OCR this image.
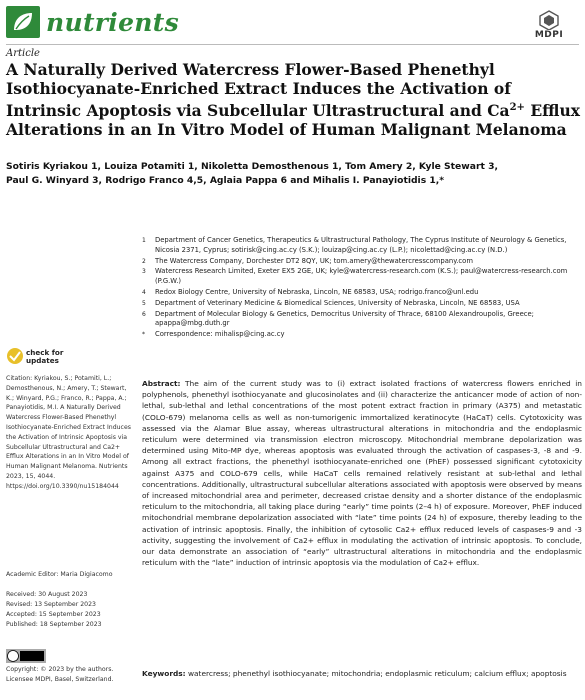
nutrients	MDPI
Article
A Naturally Derived Watercress Flower-Based Phenethyl Isothiocyanate-Enriched Extract Induces the Activation of Intrinsic Apoptosis via Subcellular Ultrastructural and $Ca^{2+}$ Efflux Alterations in an In Vitro Model of Human Malignant Melanoma
Sotiris Kyriakou 1, Louiza Potamiti 1, Nikoletta Demosthenous 1, Tom Amery 2, Kyle Stewart 3,
Paul G. Winyard 3, Rodrigo Franco 4,5, Aglaia Pappa 6 and Mihalis I. Panayiotidis 1,*
1 Department of Cancer Genetics, Therapeutics & Ultrastructural Pathology, The Cyprus Institute of Neurology & Genetics, Nicosia 2371, Cyprus; sotirisk@cing.ac.cy (S.K.); louizap@cing.ac.cy (L.P.); nicolettad@cing.ac.cy (N.D.)
2 The Watercress Company, Dorchester DT2 8QY, UK; tom.amery@thewatercresscompany.com
3 Watercress Research Limited, Exeter EX5 2GE, UK; kyle@watercress-research.com (K.S.); paul@watercress-research.com (P.G.W.)
4 Redox Biology Centre, University of Nebraska, Lincoln, NE 68583, USA; rodrigo.franco@unl.edu
5 Department of Veterinary Medicine & Biomedical Sciences, University of Nebraska, Lincoln, NE 68583, USA
6 Department of Molecular Biology & Genetics, Democritus University of Thrace, 68100 Alexandroupolis, Greece; apappa@mbg.duth.gr
* Correspondence: mihalisp@cing.ac.cy
check for updates
Citation: Kyriakou, S.; Potamiti, L.; Demosthenous, N.; Amery, T.; Stewart, K.; Winyard, P.G.; Franco, R.; Pappa, A.; Panayiotidis, M.I. A Naturally Derived Watercress Flower-Based Phenethyl Isothiocyanate-Enriched Extract Induces the Activation of Intrinsic Apoptosis via Subcellular Ultrastructural and Ca2+ Efflux Alterations in an In Vitro Model of Human Malignant Melanoma. Nutrients 2023, 15, 4044. https://doi.org/10.3390/nu15184044
Academic Editor: Maria Digiacomo
Received: 30 August 2023
Revised: 13 September 2023
Accepted: 15 September 2023
Published: 18 September 2023
Copyright: © 2023 by the authors. Licensee MDPI, Basel, Switzerland.
Abstract: The aim of the current study was to (i) extract isolated fractions of watercress flowers enriched in polyphenols, phenethyl isothiocyanate and glucosinolates and (ii) characterize the anticancer mode of action of non-lethal, sub-lethal and lethal concentrations of the most potent extract fraction in primary (A375) and metastatic (COLO-679) melanoma cells as well as non-tumorigenic immortalized keratinocyte (HaCaT) cells. Cytotoxicity was assessed via the Alamar Blue assay, whereas ultrastructural alterations in mitochondria and the endoplasmic reticulum were determined via transmission electron microscopy. Mitochondrial membrane depolarization was determined using Mito-MP dye, whereas apoptosis was evaluated through the activation of caspases-3, -8 and -9. Among all extract fractions, the phenethyl isothiocyanate-enriched one (PhEF) possessed significant cytotoxicity against A375 and COLO-679 cells, while HaCaT cells remained relatively resistant at sub-lethal and lethal concentrations. Additionally, ultrastructural subcellular alterations associated with apoptosis were observed by means of increased mitochondrial area and perimeter, decreased cristae density and a shorter distance of the endoplasmic reticulum to the mitochondria, all taking place during “early” time points (2–4 h) of exposure. Moreover, PhEF induced mitochondrial membrane depolarization associated with “late” time points (24 h) of exposure, thereby leading to the activation of intrinsic apoptosis. Finally, the inhibition of cytosolic Ca2+ efflux reduced levels of caspases-9 and -3 activity, suggesting the involvement of Ca2+ efflux in modulating the activation of intrinsic apoptosis. To conclude, our data demonstrate an association of “early” ultrastructural alterations in mitochondria and the endoplasmic reticulum with the “late” induction of intrinsic apoptosis via the modulation of Ca2+ efflux.
Keywords: watercress; phenethyl isothiocyanate; mitochondria; endoplasmic reticulum; calcium efflux; apoptosis
